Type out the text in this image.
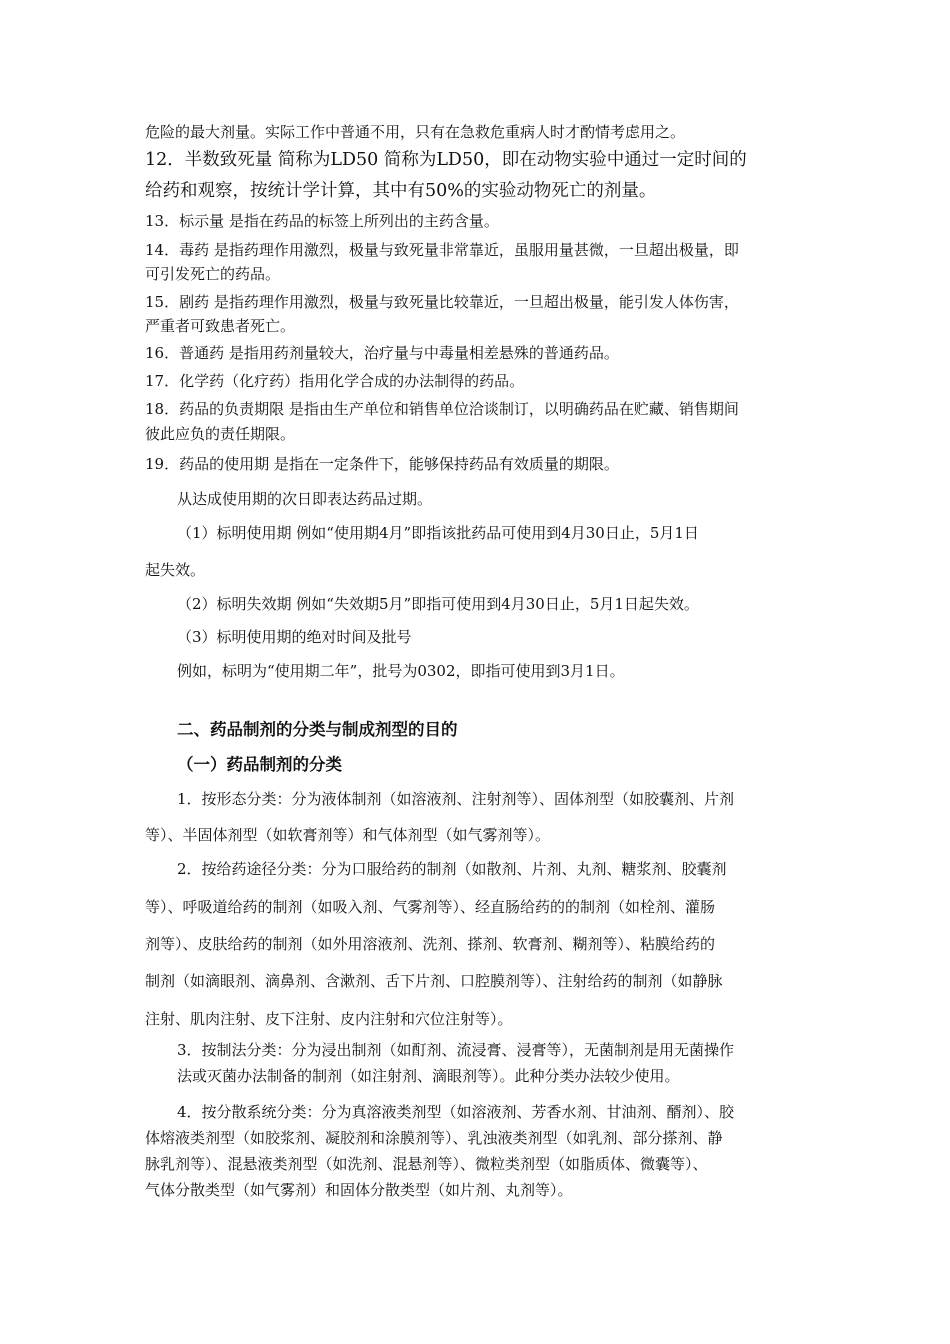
危险的最大剂量。实际工作中普通不用，只有在急救危重病人时才酌情考虑用之。
12．半数致死量 简称为LD50 简称为LD50，即在动物实验中通过一定时间的
给药和观察，按统计学计算，其中有50%的实验动物死亡的剂量。
13．标示量 是指在药品的标签上所列出的主药含量。
14．毒药 是指药理作用激烈，极量与致死量非常靠近，虽服用量甚微，一旦超出极量，即
可引发死亡的药品。
15．剧药 是指药理作用激烈，极量与致死量比较靠近，一旦超出极量，能引发人体伤害，
严重者可致患者死亡。
16．普通药 是指用药剂量较大，治疗量与中毒量相差悬殊的普通药品。
17．化学药（化疗药）指用化学合成的办法制得的药品。
18．药品的负责期限 是指由生产单位和销售单位洽谈制订，以明确药品在贮藏、销售期间
彼此应负的责任期限。
19．药品的使用期 是指在一定条件下，能够保持药品有效质量的期限。
从达成使用期的次日即表达药品过期。
（1）标明使用期 例如“使用期4月”即指该批药品可使用到4月30日止，5月1日
起失效。
（2）标明失效期 例如“失效期5月”即指可使用到4月30日止，5月1日起失效。
（3）标明使用期的绝对时间及批号
例如，标明为“使用期二年”，批号为0302，即指可使用到3月1日。
二、药品制剂的分类与制成剂型的目的
（一）药品制剂的分类
1．按形态分类：分为液体制剂（如溶液剂、注射剂等）、固体剂型（如胶囊剂、片剂
等）、半固体剂型（如软膏剂等）和气体剂型（如气雾剂等）。
2．按给药途径分类：分为口服给药的制剂（如散剂、片剂、丸剂、糖浆剂、胶囊剂
等）、呼吸道给药的制剂（如吸入剂、气雾剂等）、经直肠给药的的制剂（如栓剂、灌肠
剂等）、皮肤给药的制剂（如外用溶液剂、洗剂、搽剂、软膏剂、糊剂等）、粘膜给药的
制剂（如滴眼剂、滴鼻剂、含漱剂、舌下片剂、口腔膜剂等）、注射给药的制剂（如静脉
注射、肌肉注射、皮下注射、皮内注射和穴位注射等）。
3．按制法分类：分为浸出制剂（如酊剂、流浸膏、浸膏等），无菌制剂是用无菌操作
法或灭菌办法制备的制剂（如注射剂、滴眼剂等）。此种分类办法较少使用。
4．按分散系统分类：分为真溶液类剂型（如溶液剂、芳香水剂、甘油剂、醑剂）、胶
体熔液类剂型（如胶浆剂、凝胶剂和涂膜剂等）、乳浊液类剂型（如乳剂、部分搽剂、静
脉乳剂等）、混悬液类剂型（如洗剂、混悬剂等）、微粒类剂型（如脂质体、微囊等）、
气体分散类型（如气雾剂）和固体分散类型（如片剂、丸剂等）。
